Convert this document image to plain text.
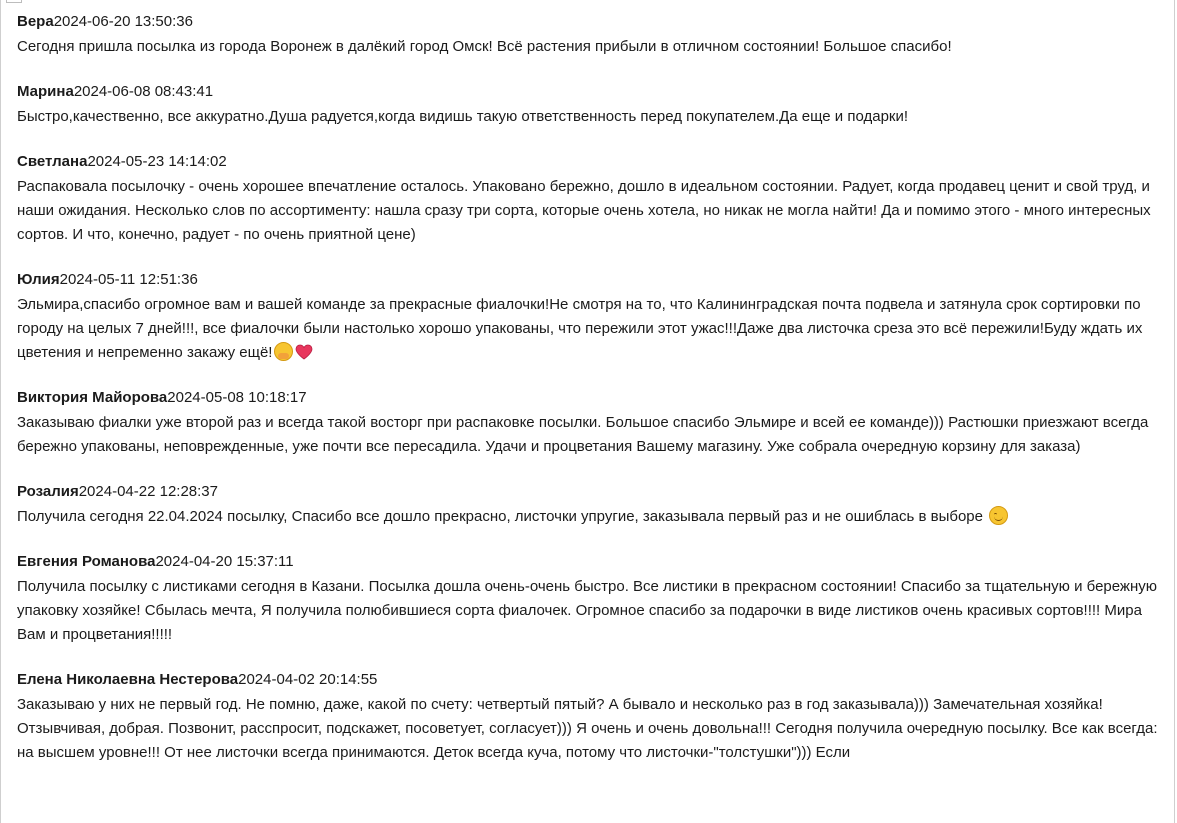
Вера2024-06-20 13:50:36
Сегодня пришла посылка из города Воронеж в далёкий город Омск! Всё растения прибыли в отличном состоянии! Большое спасибо!
Марина2024-06-08 08:43:41
Быстро,качественно, все аккуратно.Душа радуется,когда видишь такую ответственность перед покупателем.Да еще и подарки!
Светлана2024-05-23 14:14:02
Распаковала посылочку - очень хорошее впечатление осталось. Упаковано бережно, дошло в идеальном состоянии. Радует, когда продавец ценит и свой труд, и наши ожидания. Несколько слов по ассортименту: нашла сразу три сорта, которые очень хотела, но никак не могла найти! Да и помимо этого - много интересных сортов. И что, конечно, радует - по очень приятной цене)
Юлия2024-05-11 12:51:36
Эльмира,спасибо огромное вам и вашей команде за прекрасные фиалочки!Не смотря на то, что Калининградская почта подвела и затянула срок сортировки по городу на целых 7 дней!!!, все фиалочки были настолько хорошо упакованы, что пережили этот ужас!!!Даже два листочка среза это всё пережили!Буду ждать их цветения и непременно закажу ещё!
Виктория Майорова2024-05-08 10:18:17
Заказываю фиалки уже второй раз и всегда такой восторг при распаковке посылки. Большое спасибо Эльмире и всей ее команде))) Растюшки приезжают всегда бережно упакованы, неповрежденные, уже почти все пересадила. Удачи и процветания Вашему магазину. Уже собрала очередную корзину для заказа)
Розалия2024-04-22 12:28:37
Получила сегодня 22.04.2024 посылку, Спасибо все дошло прекрасно, листочки упругие, заказывала первый раз и не ошиблась в выборе
Евгения Романова2024-04-20 15:37:11
Получила посылку с листиками сегодня в Казани. Посылка дошла очень-очень быстро. Все листики в прекрасном состоянии! Спасибо за тщательную и бережную упаковку хозяйке! Сбылась мечта, Я получила полюбившиеся сорта фиалочек. Огромное спасибо за подарочки в виде листиков очень красивых сортов!!!! Мира Вам и процветания!!!!!
Елена Николаевна Нестерова2024-04-02 20:14:55
Заказываю у них не первый год. Не помню, даже, какой по счету: четвертый пятый? А бывало и несколько раз в год заказывала))) Замечательная хозяйка! Отзывчивая, добрая. Позвонит, расспросит, подскажет, посоветует, согласует))) Я очень и очень довольна!!! Сегодня получила очередную посылку. Все как всегда: на высшем уровне!!! От нее листочки всегда принимаются. Деток всегда куча, потому что листочки-"толстушки"))) Если
